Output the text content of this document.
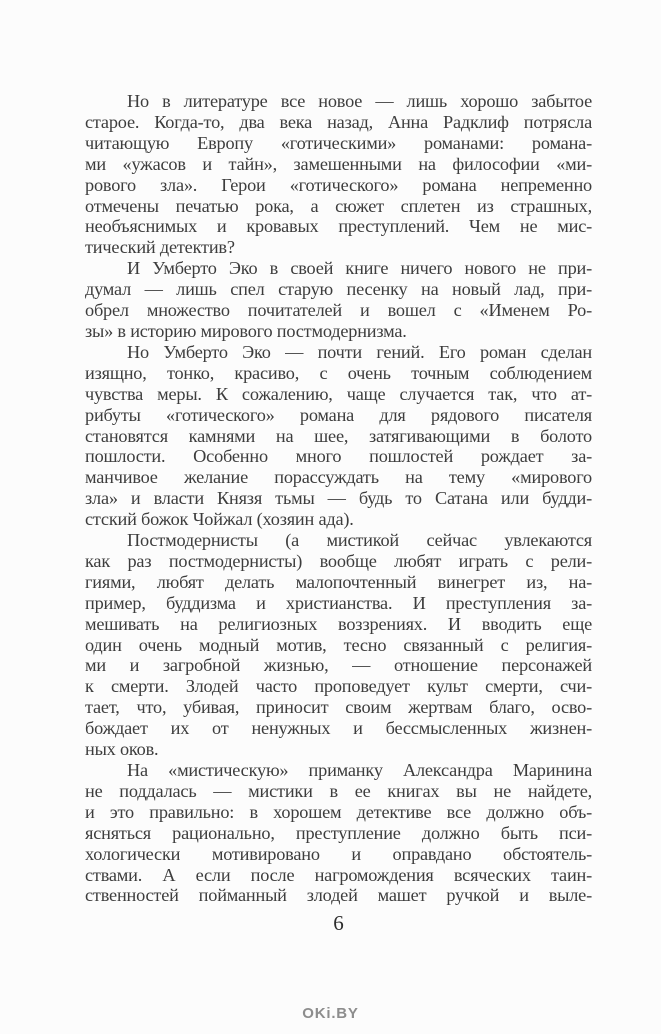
Но в литературе все новое — лишь хорошо забытое
старое. Когда-то, два века назад, Анна Радклиф потрясла
читающую Европу «готическими» романами: романа-
ми «ужасов и тайн», замешенными на философии «ми-
рового зла». Герои «готического» романа непременно
отмечены печатью рока, а сюжет сплетен из страшных,
необъяснимых и кровавых преступлений. Чем не мис-
тический детектив?
И Умберто Эко в своей книге ничего нового не при-
думал — лишь спел старую песенку на новый лад, при-
обрел множество почитателей и вошел с «Именем Ро-
зы» в историю мирового постмодернизма.
Но Умберто Эко — почти гений. Его роман сделан
изящно, тонко, красиво, с очень точным соблюдением
чувства меры. К сожалению, чаще случается так, что ат-
рибуты «готического» романа для рядового писателя
становятся камнями на шее, затягивающими в болото
пошлости. Особенно много пошлостей рождает за-
манчивое желание порассуждать на тему «мирового
зла» и власти Князя тьмы — будь то Сатана или будди-
стский божок Чойжал (хозяин ада).
Постмодернисты (а мистикой сейчас увлекаются
как раз постмодернисты) вообще любят играть с рели-
гиями, любят делать малопочтенный винегрет из, на-
пример, буддизма и христианства. И преступления за-
мешивать на религиозных воззрениях. И вводить еще
один очень модный мотив, тесно связанный с религия-
ми и загробной жизнью, — отношение персонажей
к смерти. Злодей часто проповедует культ смерти, счи-
тает, что, убивая, приносит своим жертвам благо, осво-
бождает их от ненужных и бессмысленных жизнен-
ных оков.
На «мистическую» приманку Александра Маринина
не поддалась — мистики в ее книгах вы не найдете,
и это правильно: в хорошем детективе все должно объ-
ясняться рационально, преступление должно быть пси-
хологически мотивировано и оправдано обстоятель-
ствами. А если после нагромождения всяческих таин-
ственностей пойманный злодей машет ручкой и выле-
6
OKi.BY
